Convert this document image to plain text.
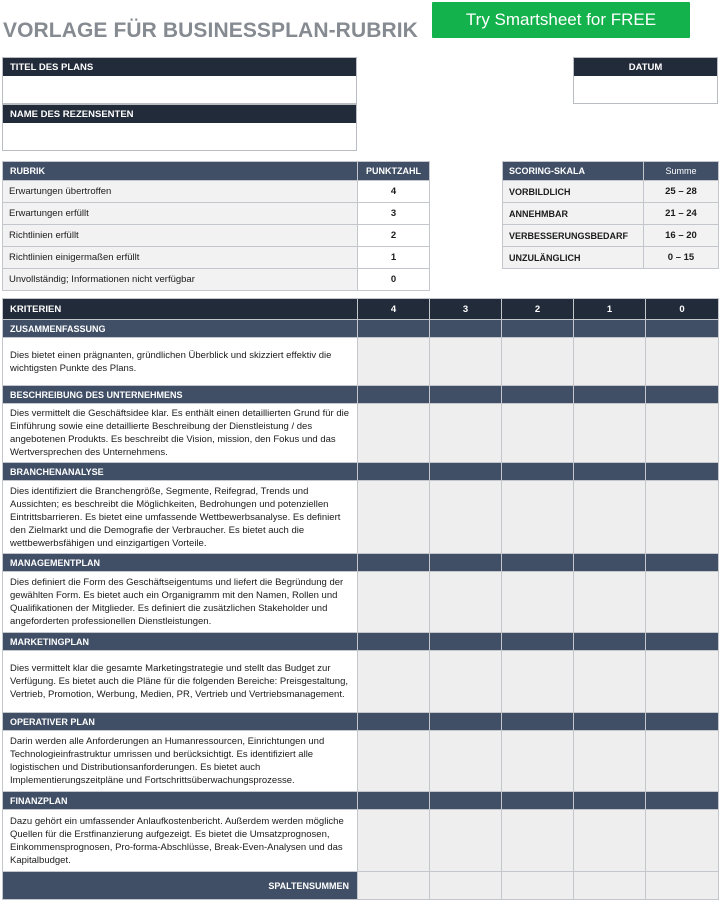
VORLAGE FÜR BUSINESSPLAN-RUBRIK	Try Smartsheet for FREE
TITEL DES PLANS
NAME DES REZENSENTEN
DATUM
RUBRIK	PUNKTZAHL
Erwartungen übertroffen	4
Erwartungen erfüllt	3
Richtlinien erfüllt	2
Richtlinien einigermaßen erfüllt	1
Unvollständig; Informationen nicht verfügbar	0
SCORING-SKALA	Summe
VORBILDLICH	25 – 28
ANNEHMBAR	21 – 24
VERBESSERUNGSBEDARF	16 – 20
UNZULÄNGLICH	0 – 15
KRITERIEN	4	3	2	1	0
ZUSAMMENFASSUNG					
Dies bietet einen prägnanten, gründlichen Überblick und skizziert effektiv die wichtigsten Punkte des Plans.					
BESCHREIBUNG DES UNTERNEHMENS					
Dies vermittelt die Geschäftsidee klar. Es enthält einen detaillierten Grund für die Einführung sowie eine detaillierte Beschreibung der Dienstleistung / des angebotenen Produkts. Es beschreibt die Vision, mission, den Fokus und das Wertversprechen des Unternehmens.					
BRANCHENANALYSE					
Dies identifiziert die Branchengröße, Segmente, Reifegrad, Trends und Aussichten; es beschreibt die Möglichkeiten, Bedrohungen und potenziellen Eintrittsbarrieren. Es bietet eine umfassende Wettbewerbsanalyse. Es definiert den Zielmarkt und die Demografie der Verbraucher. Es bietet auch die wettbewerbsfähigen und einzigartigen Vorteile.					
MANAGEMENTPLAN					
Dies definiert die Form des Geschäftseigentums und liefert die Begründung der gewählten Form. Es bietet auch ein Organigramm mit den Namen, Rollen und Qualifikationen der Mitglieder. Es definiert die zusätzlichen Stakeholder und angeforderten professionellen Dienstleistungen.					
MARKETINGPLAN					
Dies vermittelt klar die gesamte Marketingstrategie und stellt das Budget zur Verfügung. Es bietet auch die Pläne für die folgenden Bereiche: Preisgestaltung, Vertrieb, Promotion, Werbung, Medien, PR, Vertrieb und Vertriebsmanagement.					
OPERATIVER PLAN					
Darin werden alle Anforderungen an Humanressourcen, Einrichtungen und Technologieinfrastruktur umrissen und berücksichtigt. Es identifiziert alle logistischen und Distributionsanforderungen. Es bietet auch Implementierungszeitpläne und Fortschrittsüberwachungsprozesse.					
FINANZPLAN					
Dazu gehört ein umfassender Anlaufkostenbericht. Außerdem werden mögliche Quellen für die Erstfinanzierung aufgezeigt. Es bietet die Umsatzprognosen, Einkommensprognosen, Pro-forma-Abschlüsse, Break-Even-Analysen und das Kapitalbudget.					
SPALTENSUMMEN					
